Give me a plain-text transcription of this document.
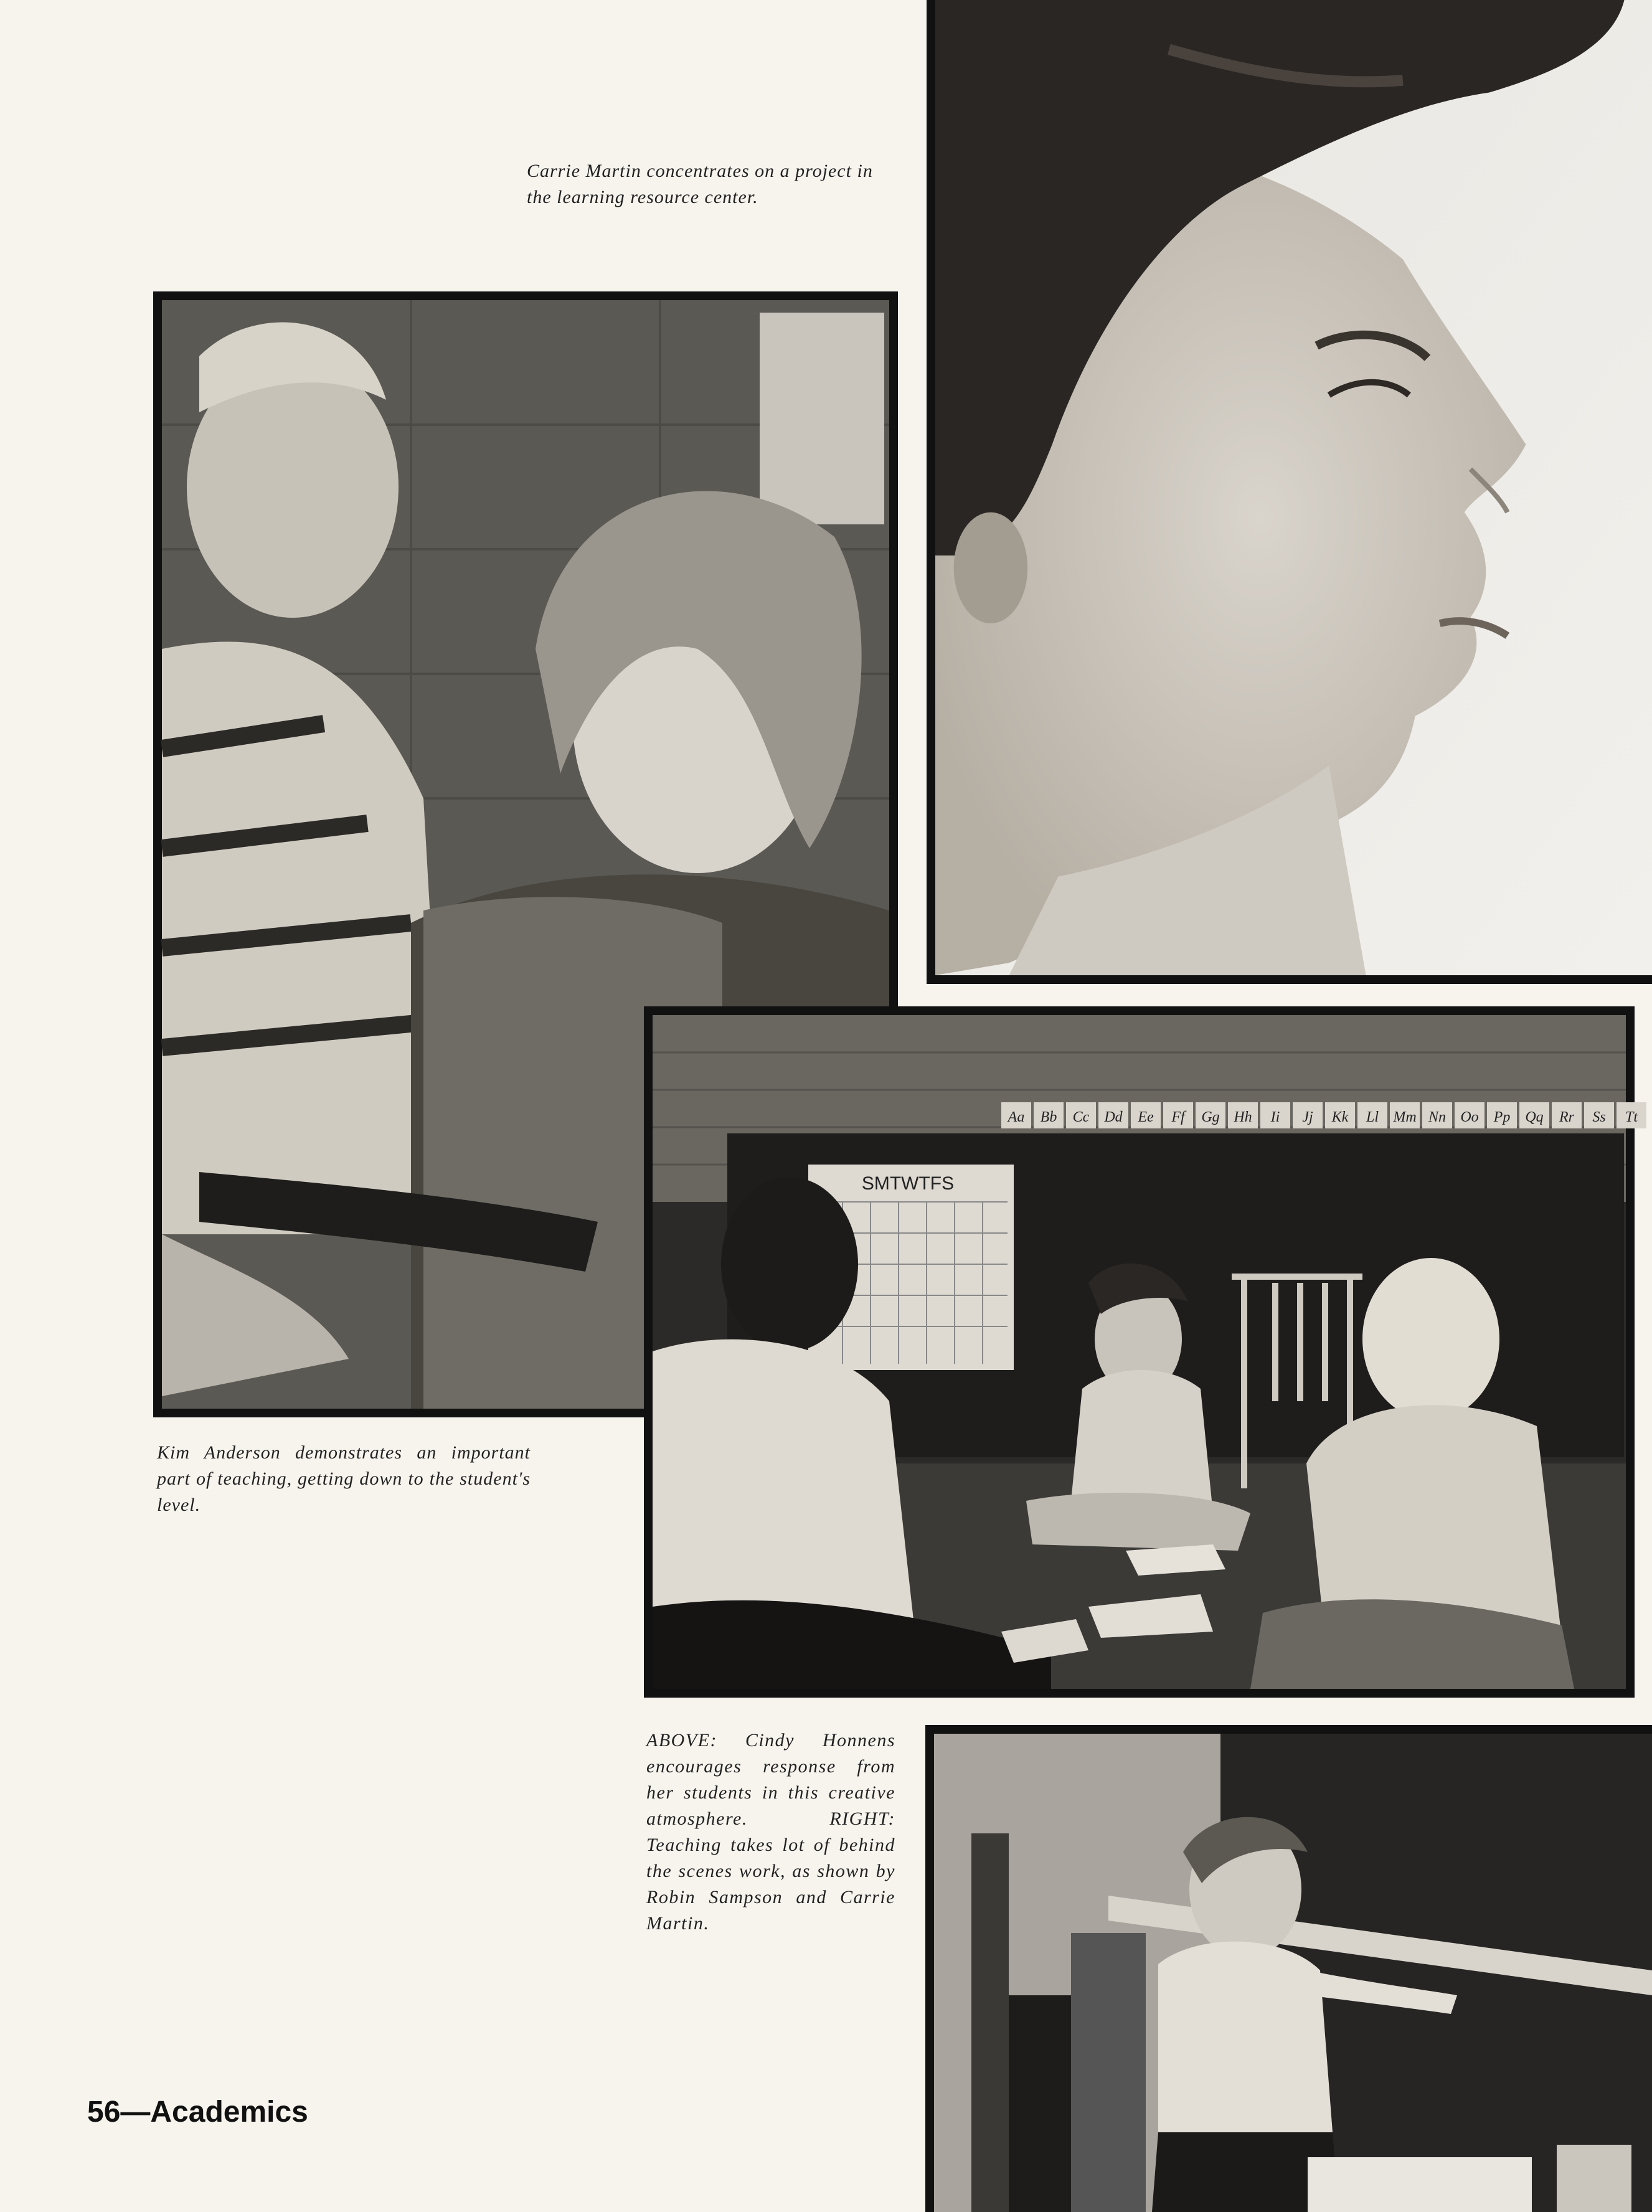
Carrie Martin concentrates on a project in the learning resource center.
Kim Anderson demonstrates an important part of teaching, getting down to the student's level.
Aa Bb Cc Dd Ee Ff Gg Hh Ii Jj Kk Ll Mm Nn Oo Pp Qq Rr Ss Tt
SMTWTFS
ABOVE: Cindy Honnens encourages response from her students in this creative atmosphere. RIGHT: Teaching takes lot of behind the scenes work, as shown by Robin Sampson and Carrie Martin.
56—Academics
